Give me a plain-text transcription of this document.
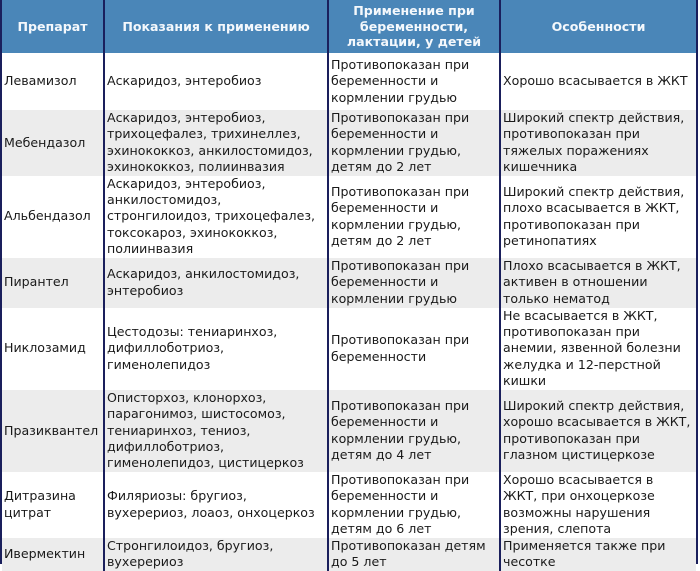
Препарат	Показания к применению	Применение при
беременности,
лактации, у детей	Особенности

Левамизол	Аскаридоз, энтеробиоз	Противопоказан при
беременности и
кормлении грудью	Хорошо всасывается в ЖКТ

Мебендазол	Аскаридоз, энтеробиоз,
трихоцефалез, трихинеллез,
эхинококкоз, анкилостомидоз,
эхинококкоз, полиинвазия	Противопоказан при
беременности и
кормлении грудью,
детям до 2 лет	Широкий спектр действия,
противопоказан при
тяжелых поражениях
кишечника

Альбендазол	Аскаридоз, энтеробиоз,
анкилостомидоз,
стронгилоидоз, трихоцефалез,
токсокароз, эхинококкоз,
полиинвазия	Противопоказан при
беременности и
кормлении грудью,
детям до 2 лет	Широкий спектр действия,
плохо всасывается в ЖКТ,
противопоказан при
ретинопатиях

Пирантел	Аскаридоз, анкилостомидоз,
энтеробиоз	Противопоказан при
беременности и
кормлении грудью	Плохо всасывается в ЖКТ,
активен в отношении
только нематод

Никлозамид	Цестодозы: тениаринхоз,
дифиллоботриоз,
гименолепидоз	Противопоказан при
беременности	Не всасывается в ЖКТ,
противопоказан при
анемии, язвенной болезни
желудка и 12-перстной
кишки

Празиквантел	Описторхоз, клонорхоз,
парагонимоз, шистосомоз,
тениаринхоз, тениоз,
дифиллоботриоз,
гименолепидоз, цистицеркоз	Противопоказан при
беременности и
кормлении грудью,
детям до 4 лет	Широкий спектр действия,
хорошо всасывается в ЖКТ,
противопоказан при
глазном цистицеркозе

Дитразина
цитрат	Филяриозы: бругиоз,
вухерериоз, лоаоз, онхоцеркоз	Противопоказан при
беременности и
кормлении грудью,
детям до 6 лет	Хорошо всасывается в
ЖКТ, при онхоцеркозе
возможны нарушения
зрения, слепота

Ивермектин	Стронгилоидоз, бругиоз,
вухерериоз	Противопоказан детям
до 5 лет	Применяется также при
чесотке
